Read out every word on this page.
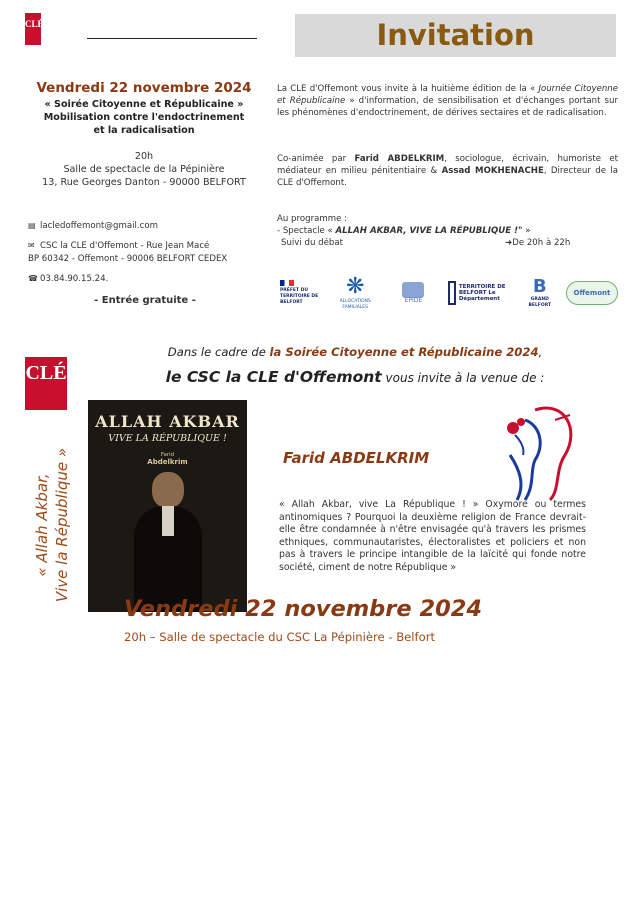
CLÉ	Invitation
Vendredi 22 novembre 2024
« Soirée Citoyenne et Républicaine »
Mobilisation contre l'endoctrinement
et la radicalisation
20h
Salle de spectacle de la Pépinière
13, Rue Georges Danton - 90000 BELFORT
▤ lacledoffemont@gmail.com
✉ CSC la CLE d'Offemont - Rue Jean Macé
BP 60342 - Offemont - 90006 BELFORT CEDEX
☎ 03.84.90.15.24.
- Entrée gratuite -
La CLE d'Offemont vous invite à la huitième édition de la « Journée Citoyenne et Républicaine » d'information, de sensibilisation et d'échanges portant sur les phénomènes d'endoctrinement, de dérives sectaires et de radicalisation.
Co-animée par Farid ABDELKRIM, sociologue, écrivain, humoriste et médiateur en milieu pénitentiaire & Assad MOKHENACHE, Directeur de la CLE d'Offemont.
Au programme :
- Spectacle « ALLAH AKBAR, VIVE LA RÉPUBLIQUE !" »
Suivi du débat	➜De 20h à 22h
PRÉFET DU TERRITOIRE DE BELFORT
❋
ALLOCATIONS FAMILIALES
EPIDE
TERRITOIRE DE BELFORT Le Département
B
GRAND BELFORT
Offemont
CLÉ
Dans le cadre de la Soirée Citoyenne et Républicaine 2024,
le CSC la CLE d'Offemont vous invite à la venue de :
« Allah Akbar, Vive la République »
ALLAH AKBAR
VIVE LA RÉPUBLIQUE !
Farid
Abdelkrim	Farid ABDELKRIM
« Allah Akbar, vive La République ! » Oxymore ou termes antinomiques ? Pourquoi la deuxième religion de France devrait-elle être condamnée à n'être envisagée qu'à travers les prismes ethniques, communautaristes, électoralistes et policiers et non pas à travers le principe intangible de la laïcité qui fonde notre société, ciment de notre République »
Vendredi 22 novembre 2024
20h – Salle de spectacle du CSC La Pépinière - Belfort
